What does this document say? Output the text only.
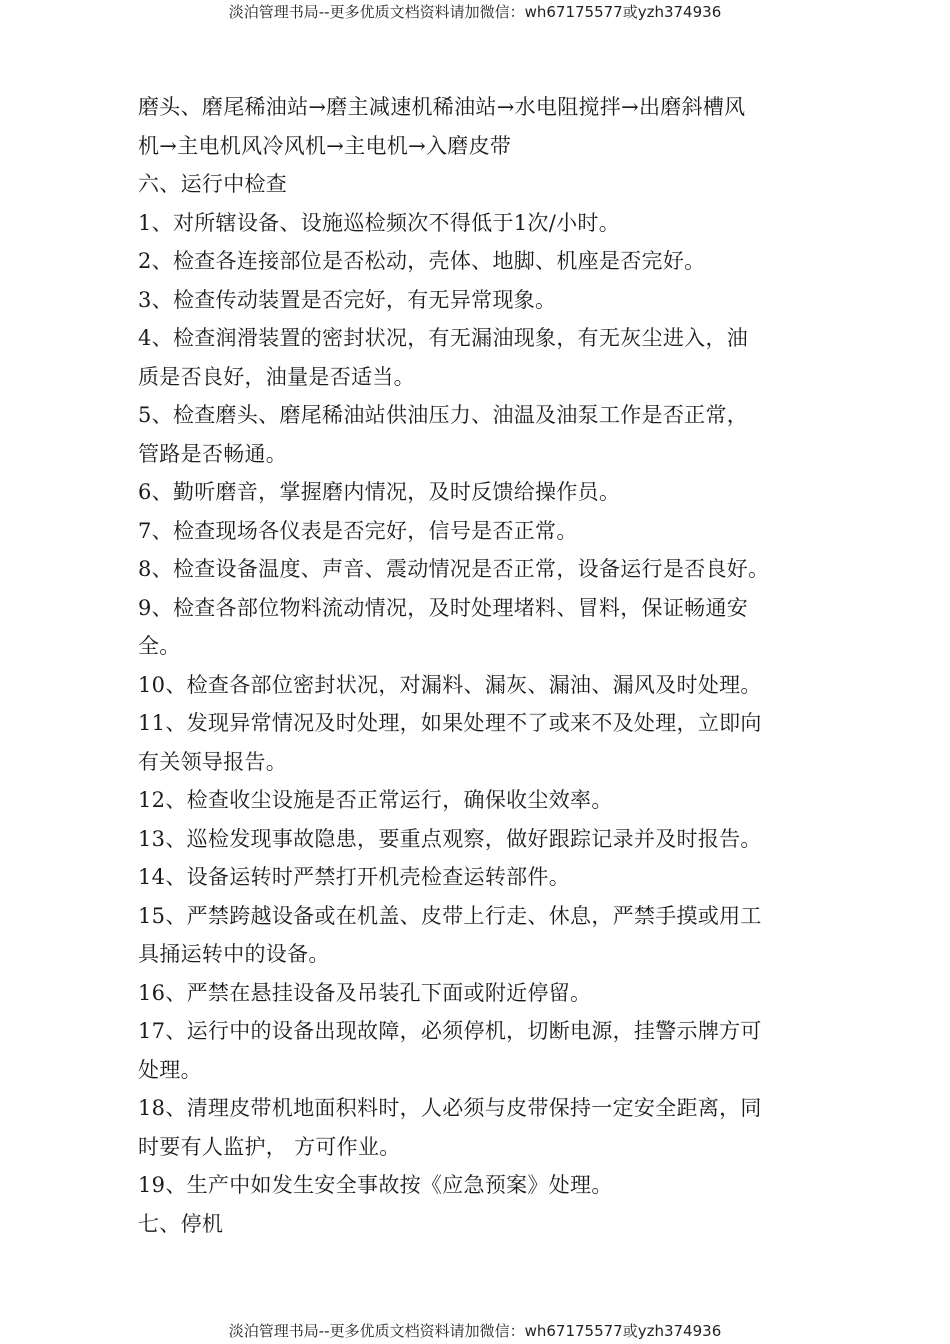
淡泊管理书局--更多优质文档资料请加微信：wh67175577或yzh374936
磨头、磨尾稀油站→磨主减速机稀油站→水电阻搅拌→出磨斜槽风
机→主电机风冷风机→主电机→入磨皮带
六、运行中检查
1、对所辖设备、设施巡检频次不得低于1次/小时。
2、检查各连接部位是否松动，壳体、地脚、机座是否完好。
3、检查传动装置是否完好，有无异常现象。
4、检查润滑装置的密封状况，有无漏油现象，有无灰尘进入，油
质是否良好，油量是否适当。
5、检查磨头、磨尾稀油站供油压力、油温及油泵工作是否正常，
管路是否畅通。
6、勤听磨音，掌握磨内情况，及时反馈给操作员。
7、检查现场各仪表是否完好，信号是否正常。
8、检查设备温度、声音、震动情况是否正常，设备运行是否良好。
9、检查各部位物料流动情况，及时处理堵料、冒料，保证畅通安
全。
10、检查各部位密封状况，对漏料、漏灰、漏油、漏风及时处理。
11、发现异常情况及时处理，如果处理不了或来不及处理，立即向
有关领导报告。
12、检查收尘设施是否正常运行，确保收尘效率。
13、巡检发现事故隐患，要重点观察，做好跟踪记录并及时报告。
14、设备运转时严禁打开机壳检查运转部件。
15、严禁跨越设备或在机盖、皮带上行走、休息，严禁手摸或用工
具捅运转中的设备。
16、严禁在悬挂设备及吊装孔下面或附近停留。
17、运行中的设备出现故障，必须停机，切断电源，挂警示牌方可
处理。
18、清理皮带机地面积料时，人必须与皮带保持一定安全距离，同
时要有人监护， 方可作业。
19、生产中如发生安全事故按《应急预案》处理。
七、停机
淡泊管理书局--更多优质文档资料请加微信：wh67175577或yzh374936
